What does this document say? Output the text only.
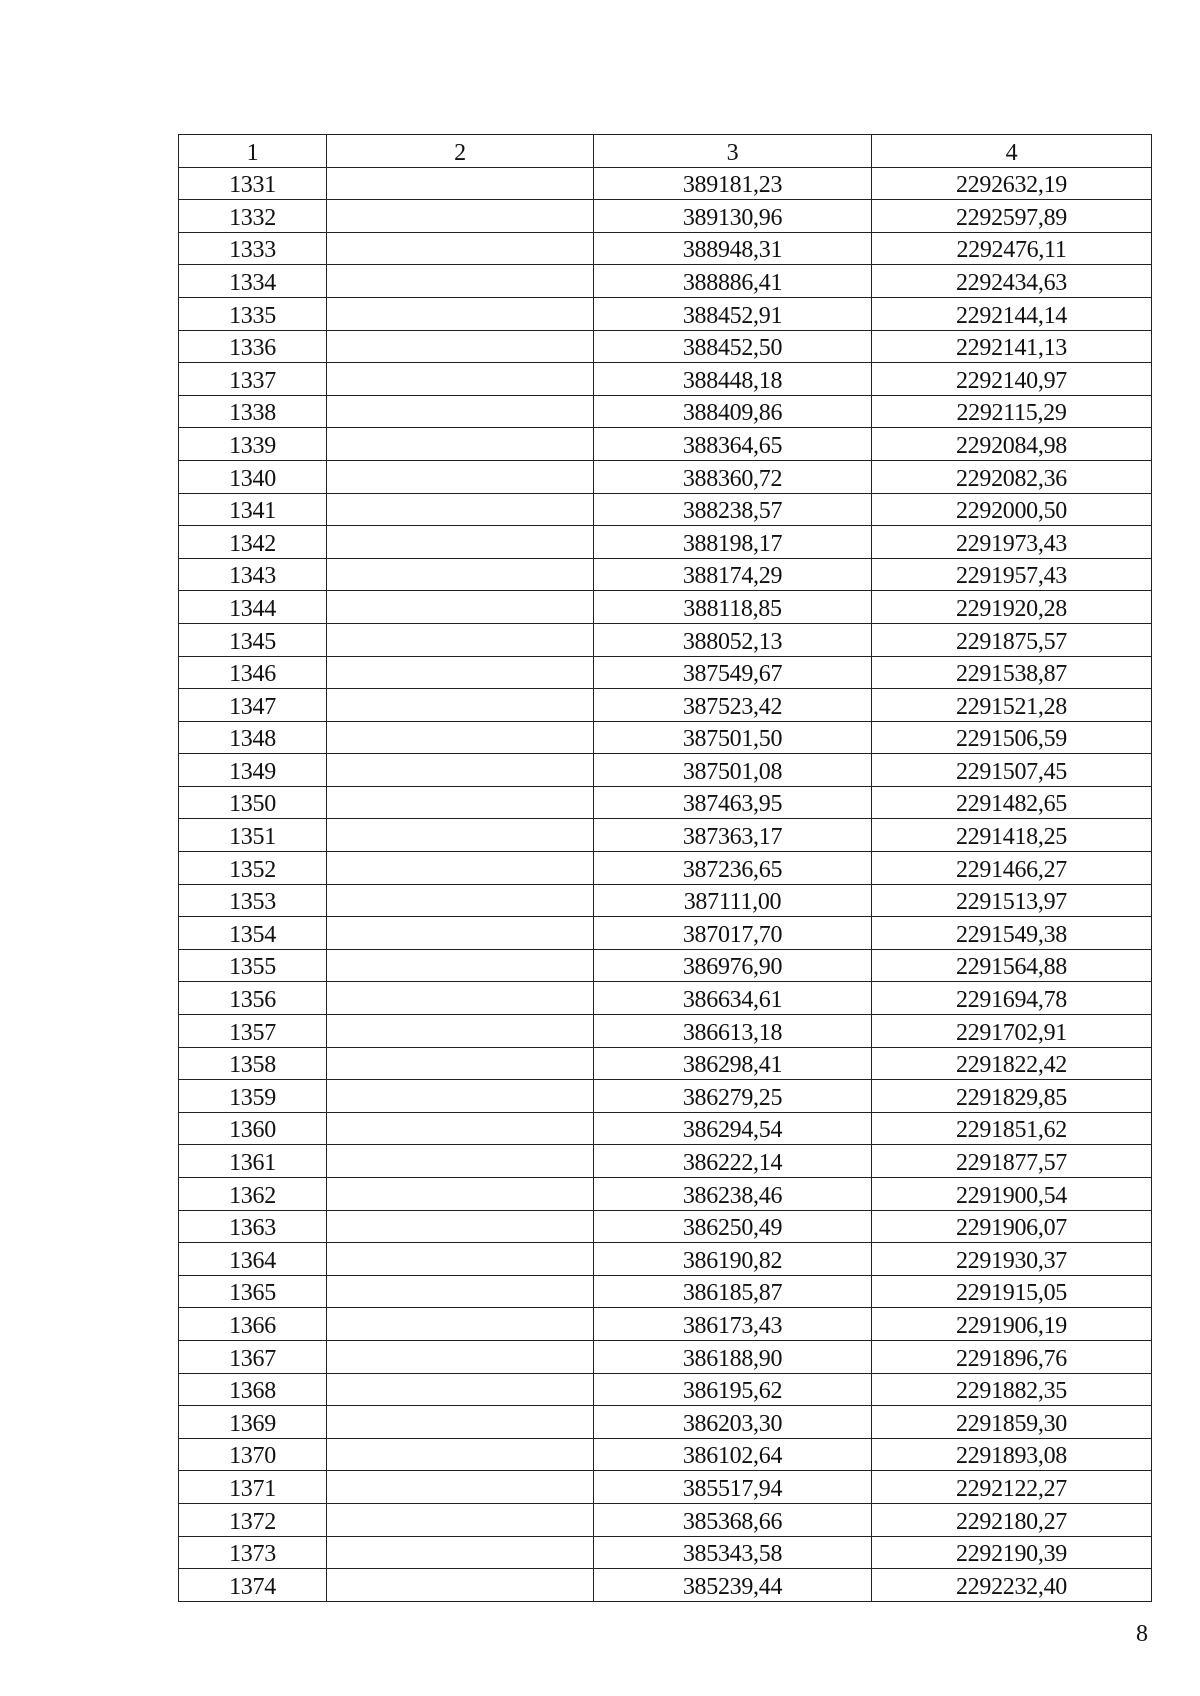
1	2	3	4
1331		389181,23	2292632,19
1332		389130,96	2292597,89
1333		388948,31	2292476,11
1334		388886,41	2292434,63
1335		388452,91	2292144,14
1336		388452,50	2292141,13
1337		388448,18	2292140,97
1338		388409,86	2292115,29
1339		388364,65	2292084,98
1340		388360,72	2292082,36
1341		388238,57	2292000,50
1342		388198,17	2291973,43
1343		388174,29	2291957,43
1344		388118,85	2291920,28
1345		388052,13	2291875,57
1346		387549,67	2291538,87
1347		387523,42	2291521,28
1348		387501,50	2291506,59
1349		387501,08	2291507,45
1350		387463,95	2291482,65
1351		387363,17	2291418,25
1352		387236,65	2291466,27
1353		387111,00	2291513,97
1354		387017,70	2291549,38
1355		386976,90	2291564,88
1356		386634,61	2291694,78
1357		386613,18	2291702,91
1358		386298,41	2291822,42
1359		386279,25	2291829,85
1360		386294,54	2291851,62
1361		386222,14	2291877,57
1362		386238,46	2291900,54
1363		386250,49	2291906,07
1364		386190,82	2291930,37
1365		386185,87	2291915,05
1366		386173,43	2291906,19
1367		386188,90	2291896,76
1368		386195,62	2291882,35
1369		386203,30	2291859,30
1370		386102,64	2291893,08
1371		385517,94	2292122,27
1372		385368,66	2292180,27
1373		385343,58	2292190,39
1374		385239,44	2292232,40
8
